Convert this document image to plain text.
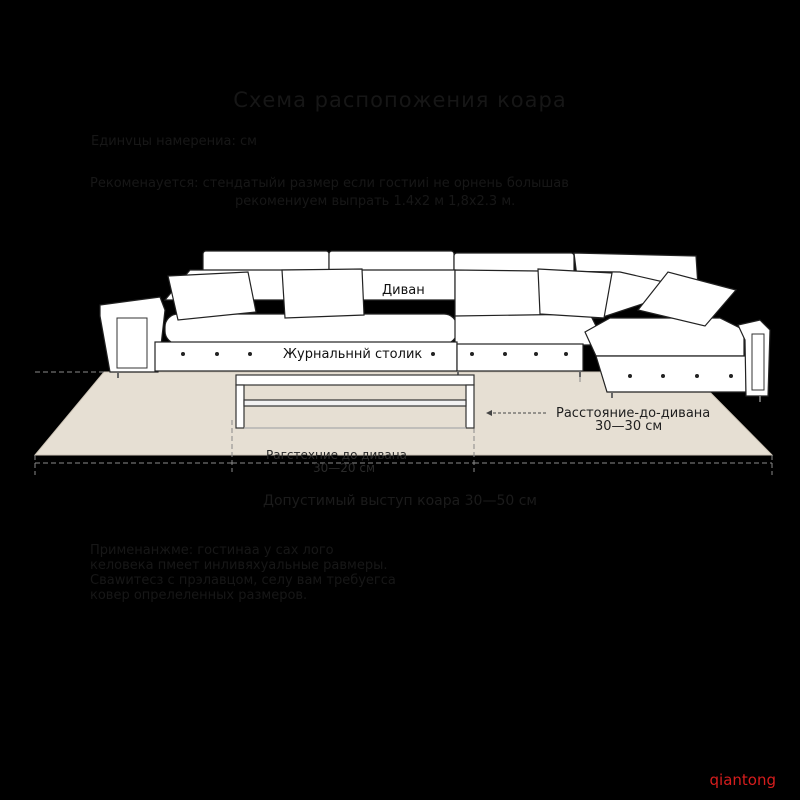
Схема распопожения коара
Единvцы намерениа: см
Рекоменауется: стендатыйи размер если гостииi не орнень болышав
рекомениуем выпрать 1.4x2 м 1,8x2.3 м.
Диван
Журнальннй столик
Расстояние-до-дивана
30—30 см
Рагстехние до дивана
30—20 см
Допустимый выступ коара 30—50 см
Применанжме: гостинаа у сах лого
келовекa пмеет инливяхуальные равмеры.
Свawитесз с прэлавцом, селу вам требуегса
ковер опрелеленных размеров.
qiantong
